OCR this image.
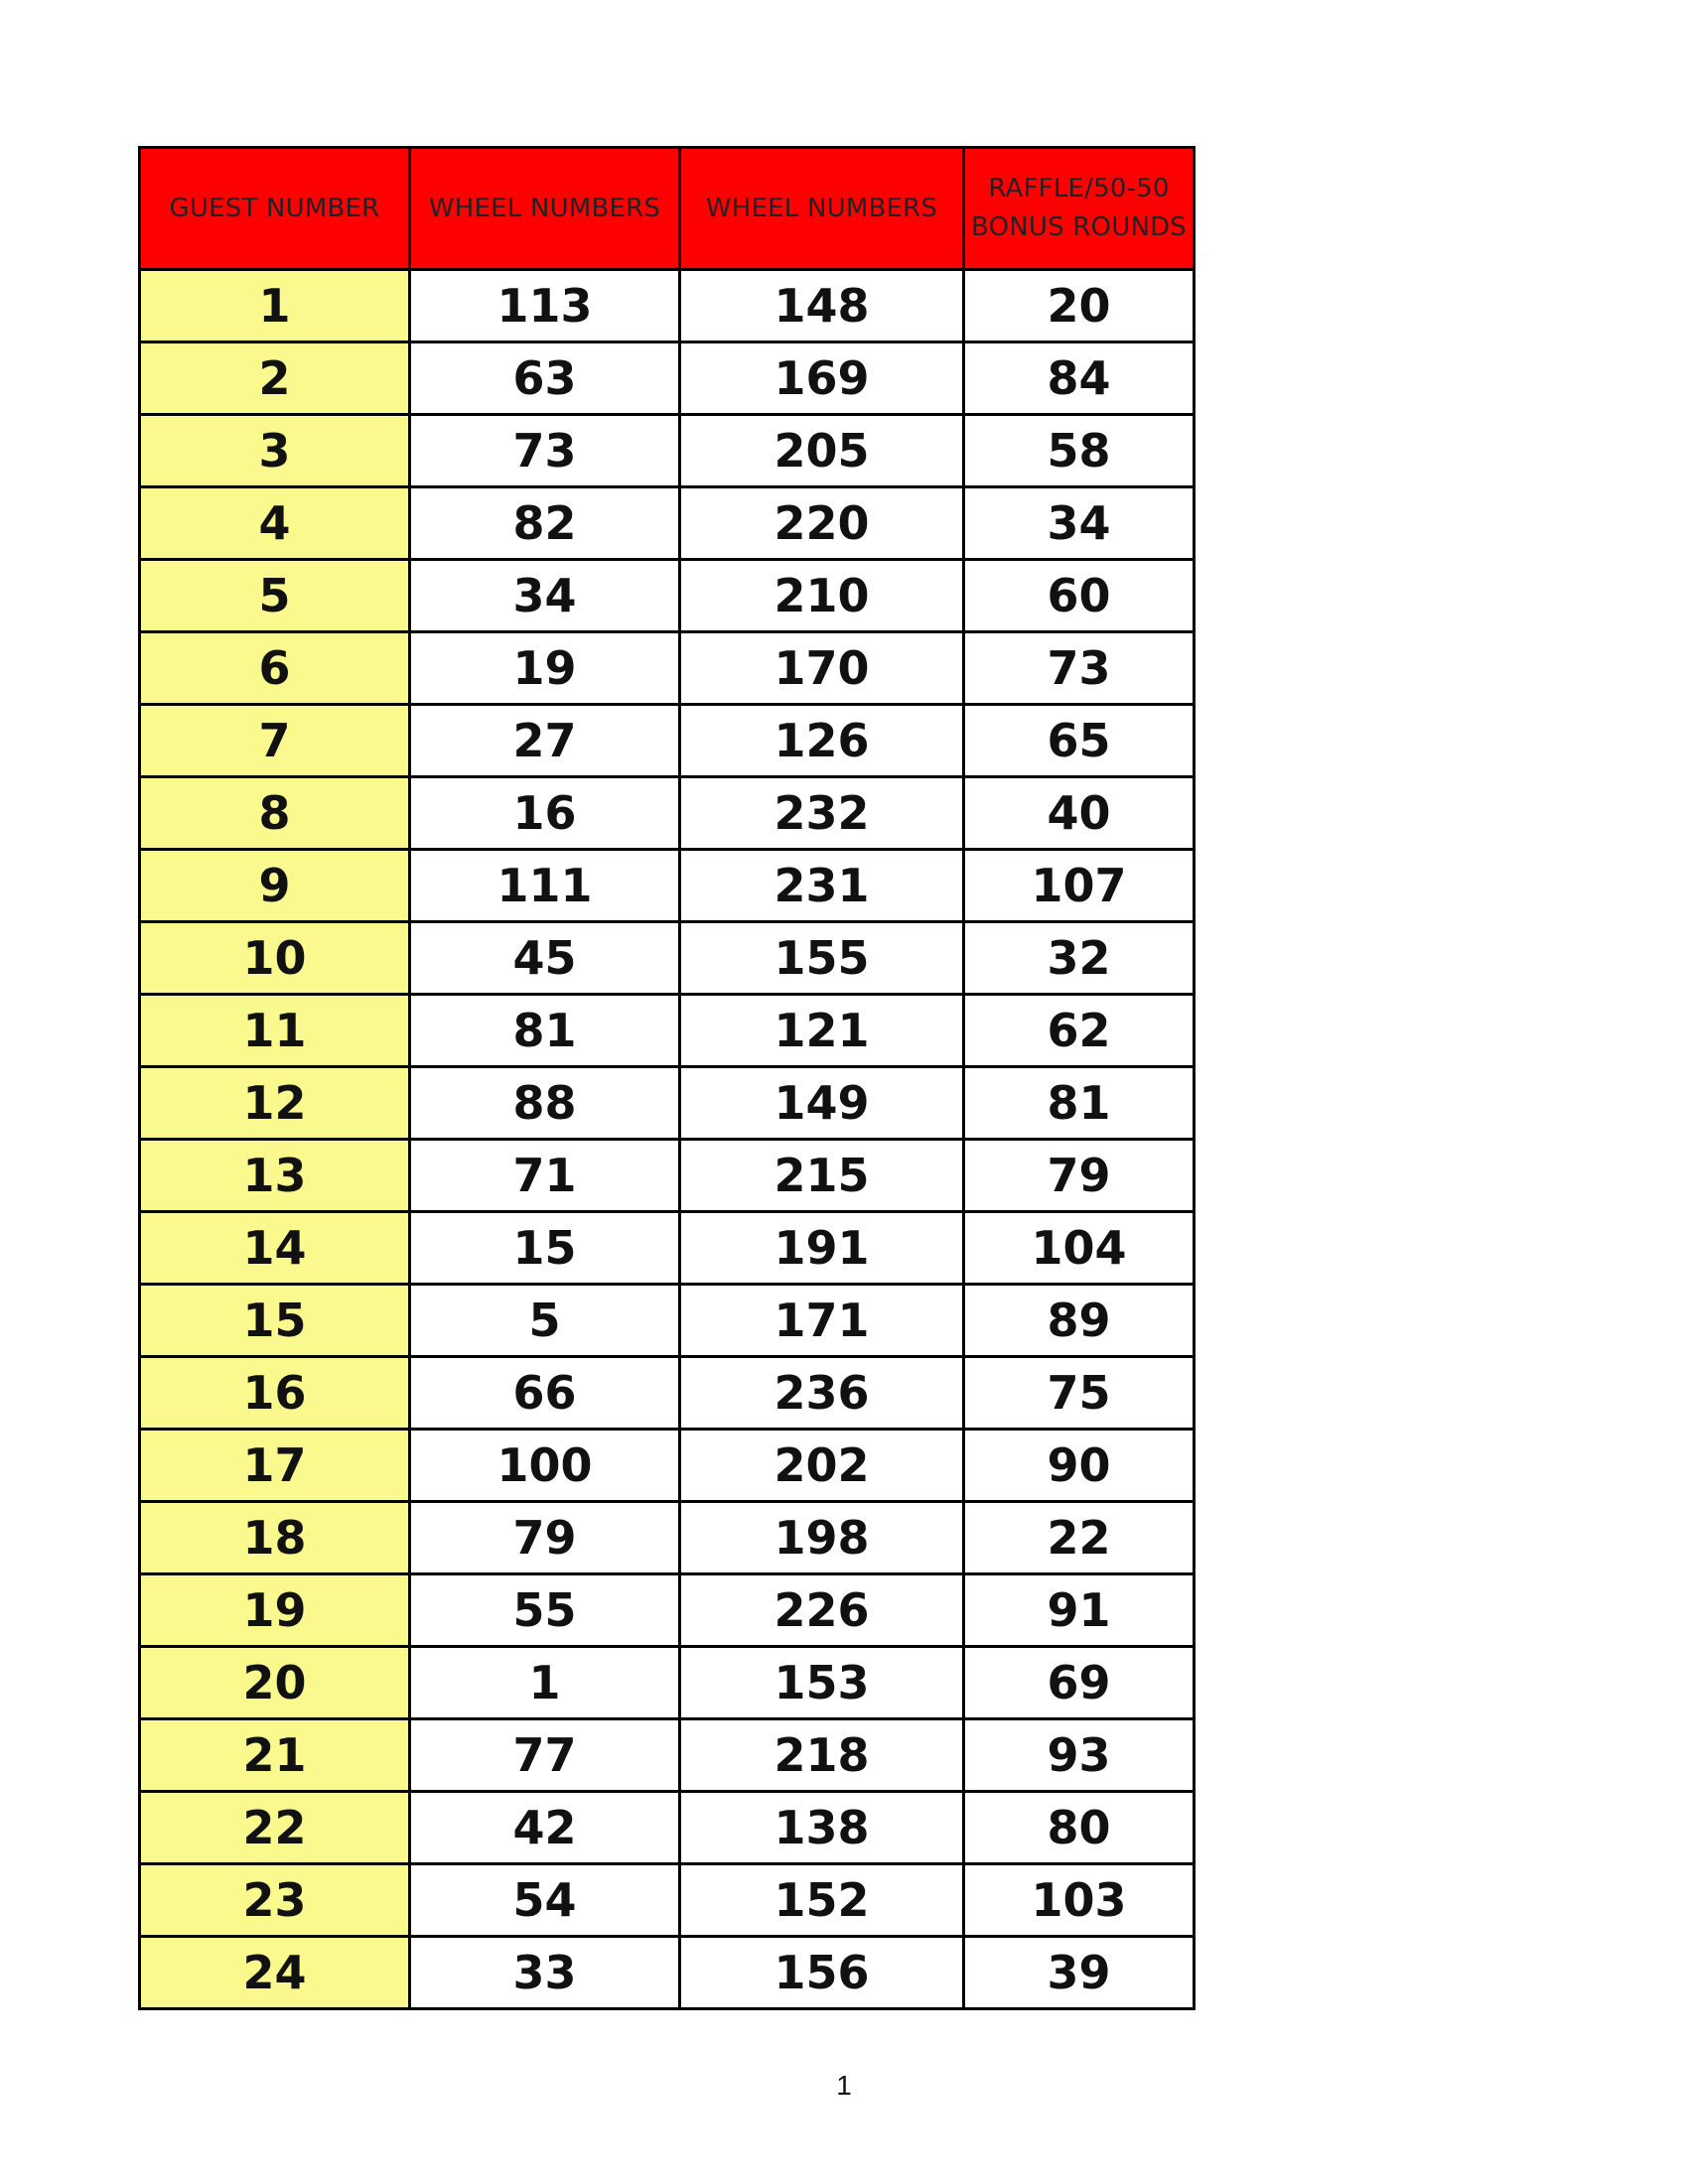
GUEST NUMBER	WHEEL NUMBERS	WHEEL NUMBERS	RAFFLE/50-50 BONUS ROUNDS
1	113	148	20
2	63	169	84
3	73	205	58
4	82	220	34
5	34	210	60
6	19	170	73
7	27	126	65
8	16	232	40
9	111	231	107
10	45	155	32
11	81	121	62
12	88	149	81
13	71	215	79
14	15	191	104
15	5	171	89
16	66	236	75
17	100	202	90
18	79	198	22
19	55	226	91
20	1	153	69
21	77	218	93
22	42	138	80
23	54	152	103
24	33	156	39
1
